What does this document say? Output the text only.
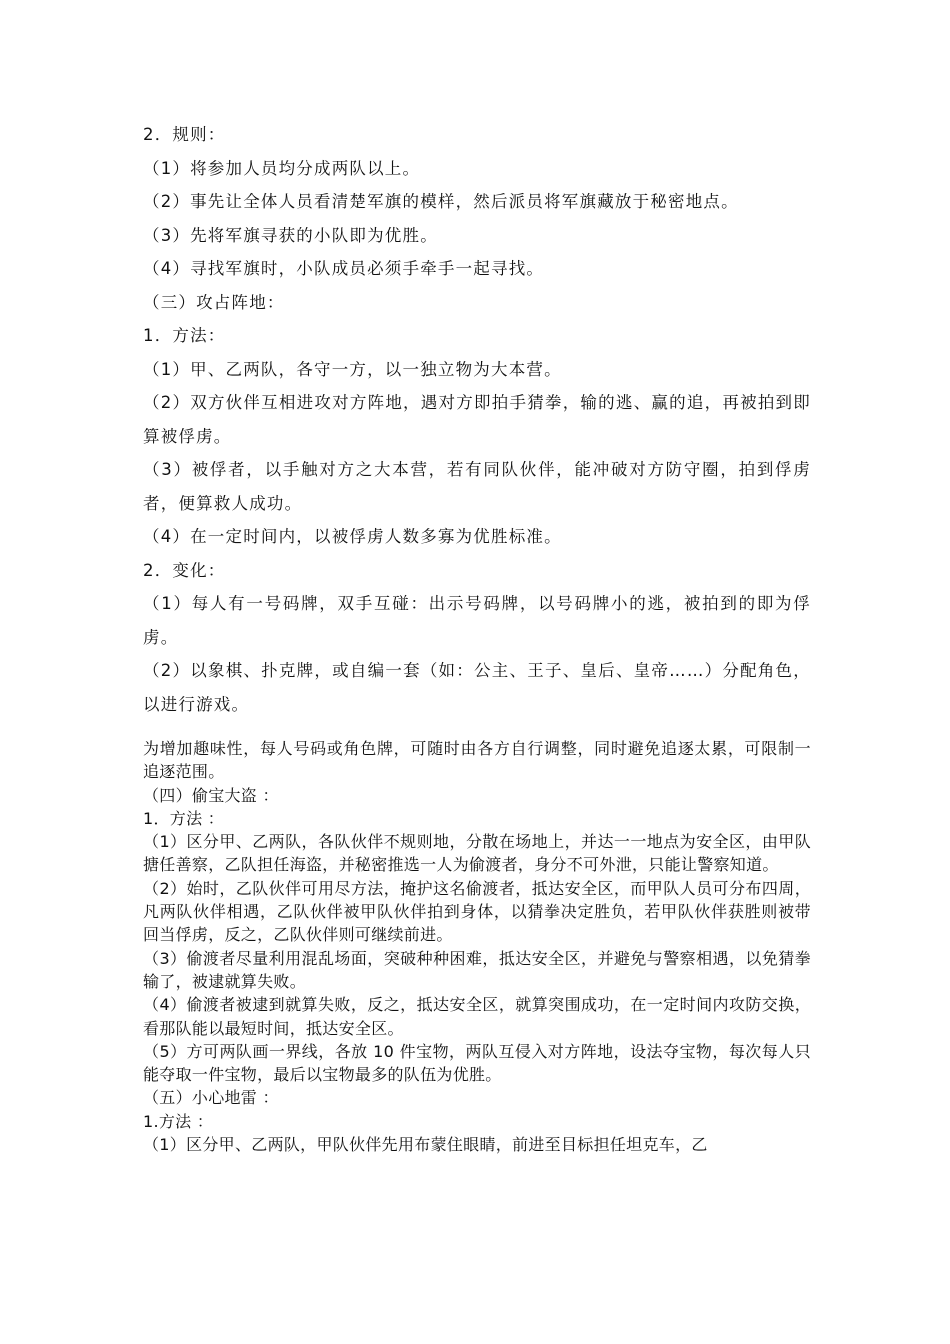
2．规则：

（1）将参加人员均分成两队以上。

（2）事先让全体人员看清楚军旗的模样，然后派员将军旗藏放于秘密地点。

（3）先将军旗寻获的小队即为优胜。

（4）寻找军旗时，小队成员必须手牵手一起寻找。

（三）攻占阵地：

1．方法：

（1）甲、乙两队，各守一方，以一独立物为大本营。

（2）双方伙伴互相进攻对方阵地，遇对方即拍手猜拳，输的逃、赢的追，再被拍到即算被俘虏。

（3）被俘者，以手触对方之大本营，若有同队伙伴，能冲破对方防守圈，拍到俘虏者，便算救人成功。

（4）在一定时间内，以被俘虏人数多寡为优胜标准。

2．变化：

（1）每人有一号码牌，双手互碰：出示号码牌，以号码牌小的逃，被拍到的即为俘虏。

（2）以象棋、扑克牌，或自编一套（如：公主、王子、皇后、皇帝……）分配角色，以进行游戏。

为增加趣味性，每人号码或角色牌，可随时由各方自行调整，同时避免追逐太累，可限制一追逐范围。

（四）偷宝大盗 ：

1．方法 ：

（1）区分甲、乙两队，各队伙伴不规则地，分散在场地上，并达一一地点为安全区，由甲队搪任善察，乙队担任海盗，并秘密推选一人为偷渡者，身分不可外泄，只能让警察知道。

（2）始时，乙队伙伴可用尽方法，掩护这名偷渡者，抵达安全区，而甲队人员可分布四周，凡两队伙伴相遇，乙队伙伴被甲队伙伴拍到身体，以猜拳决定胜负，若甲队伙伴获胜则被带回当俘虏，反之，乙队伙伴则可继续前进。

（3）偷渡者尽量利用混乱场面，突破种种困难，抵达安全区，并避免与警察相遇，以免猜拳输了，被逮就算失败。

（4）偷渡者被逮到就算失败，反之，抵达安全区，就算突围成功，在一定时间内攻防交换，看那队能以最短时间，抵达安全区。

（5）方可两队画一界线，各放 10 件宝物，两队互侵入对方阵地，设法夺宝物，每次每人只能夺取一件宝物，最后以宝物最多的队伍为优胜。

（五）小心地雷 ：

1.方法 ：

（1）区分甲、乙两队，甲队伙伴先用布蒙住眼睛，前进至目标担任坦克车，乙
